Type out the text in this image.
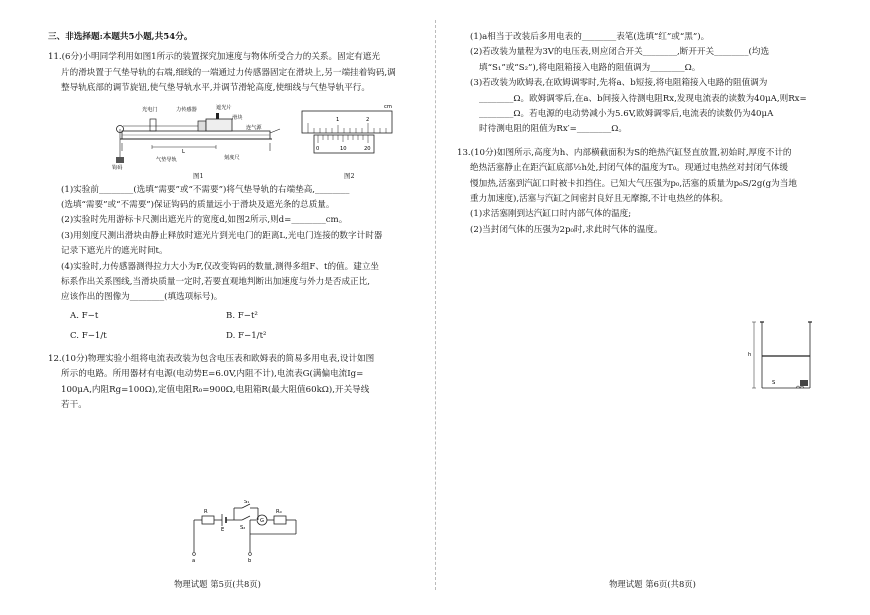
三、非选择题:本题共5小题,共54分。
11.(6分)小明同学利用如图1所示的装置探究加速度与物体所受合力的关系。固定有遮光
片的滑块置于气垫导轨的右端,细线的一端通过力传感器固定在滑块上,另一端挂着钩码,调
整导轨底部的调节旋钮,使气垫导轨水平,并调节滑轮高度,使细线与气垫导轨平行。
L
光电门	力传感器	遮光片
滑块
连气源
钩码
气垫导轨	刻度尺
图1
1	2
cm
0	10	20
图2
(1)实验前________(选填“需要”或“不需要”)将气垫导轨的右端垫高,________
(选填“需要”或“不需要”)保证钩码的质量远小于滑块及遮光条的总质量。
(2)实验时先用游标卡尺测出遮光片的宽度d,如图2所示,则d=________cm。
(3)用刻度尺测出滑块由静止释放时遮光片到光电门的距离L,光电门连接的数字计时器
记录下遮光片的遮光时间t。
(4)实验时,力传感器测得拉力大小为F,仅改变钩码的数量,测得多组F、t的值。建立坐
标系作出关系图线,当滑块质量一定时,若要直观地判断出加速度与外力是否成正比,
应该作出的图像为________(填选项标号)。
A. F−t	B. F−t²
C. F−1/t	D. F−1/t²
12.(10分)物理实验小组将电流表改装为包含电压表和欧姆表的简易多用电表,设计如图
所示的电路。所用器材有电源(电动势E=6.0V,内阻不计),电流表G(满偏电流Ig=
100μA,内阻Rg=100Ω),定值电阻R₀=900Ω,电阻箱R(最大阻值60kΩ),开关导线
若干。
R
E
S₁
S₂
G
R₀
a	b
(1)a相当于改装后多用电表的________表笔(选填“红”或“黑”)。
(2)若改装为量程为3V的电压表,则应闭合开关________,断开开关________(均选
填“S₁”或“S₂”),将电阻箱接入电路的阻值调为________Ω。
(3)若改装为欧姆表,在欧姆调零时,先将a、b短接,将电阻箱接入电路的阻值调为
________Ω。欧姆调零后,在a、b间接入待测电阻Rx,发现电流表的读数为40μA,则Rx=
________Ω。若电源的电动势减小为5.6V,欧姆调零后,电流表的读数仍为40μA
时待测电阻的阻值为Rx′=________Ω。
13.(10分)如图所示,高度为h、内部横截面积为S的绝热汽缸竖直放置,初始时,厚度不计的
绝热活塞静止在距汽缸底部½h处,封闭气体的温度为T₀。现通过电热丝对封闭气体缓
慢加热,活塞到汽缸口时被卡扣挡住。已知大气压强为p₀,活塞的质量为p₀S/2g(g为当地
重力加速度),活塞与汽缸之间密封良好且无摩擦,不计电热丝的体积。
(1)求活塞刚到达汽缸口时内部气体的温度;
(2)当封闭气体的压强为2p₀时,求此时气体的温度。
h
S
物理试题 第5页(共8页)	物理试题 第6页(共8页)
